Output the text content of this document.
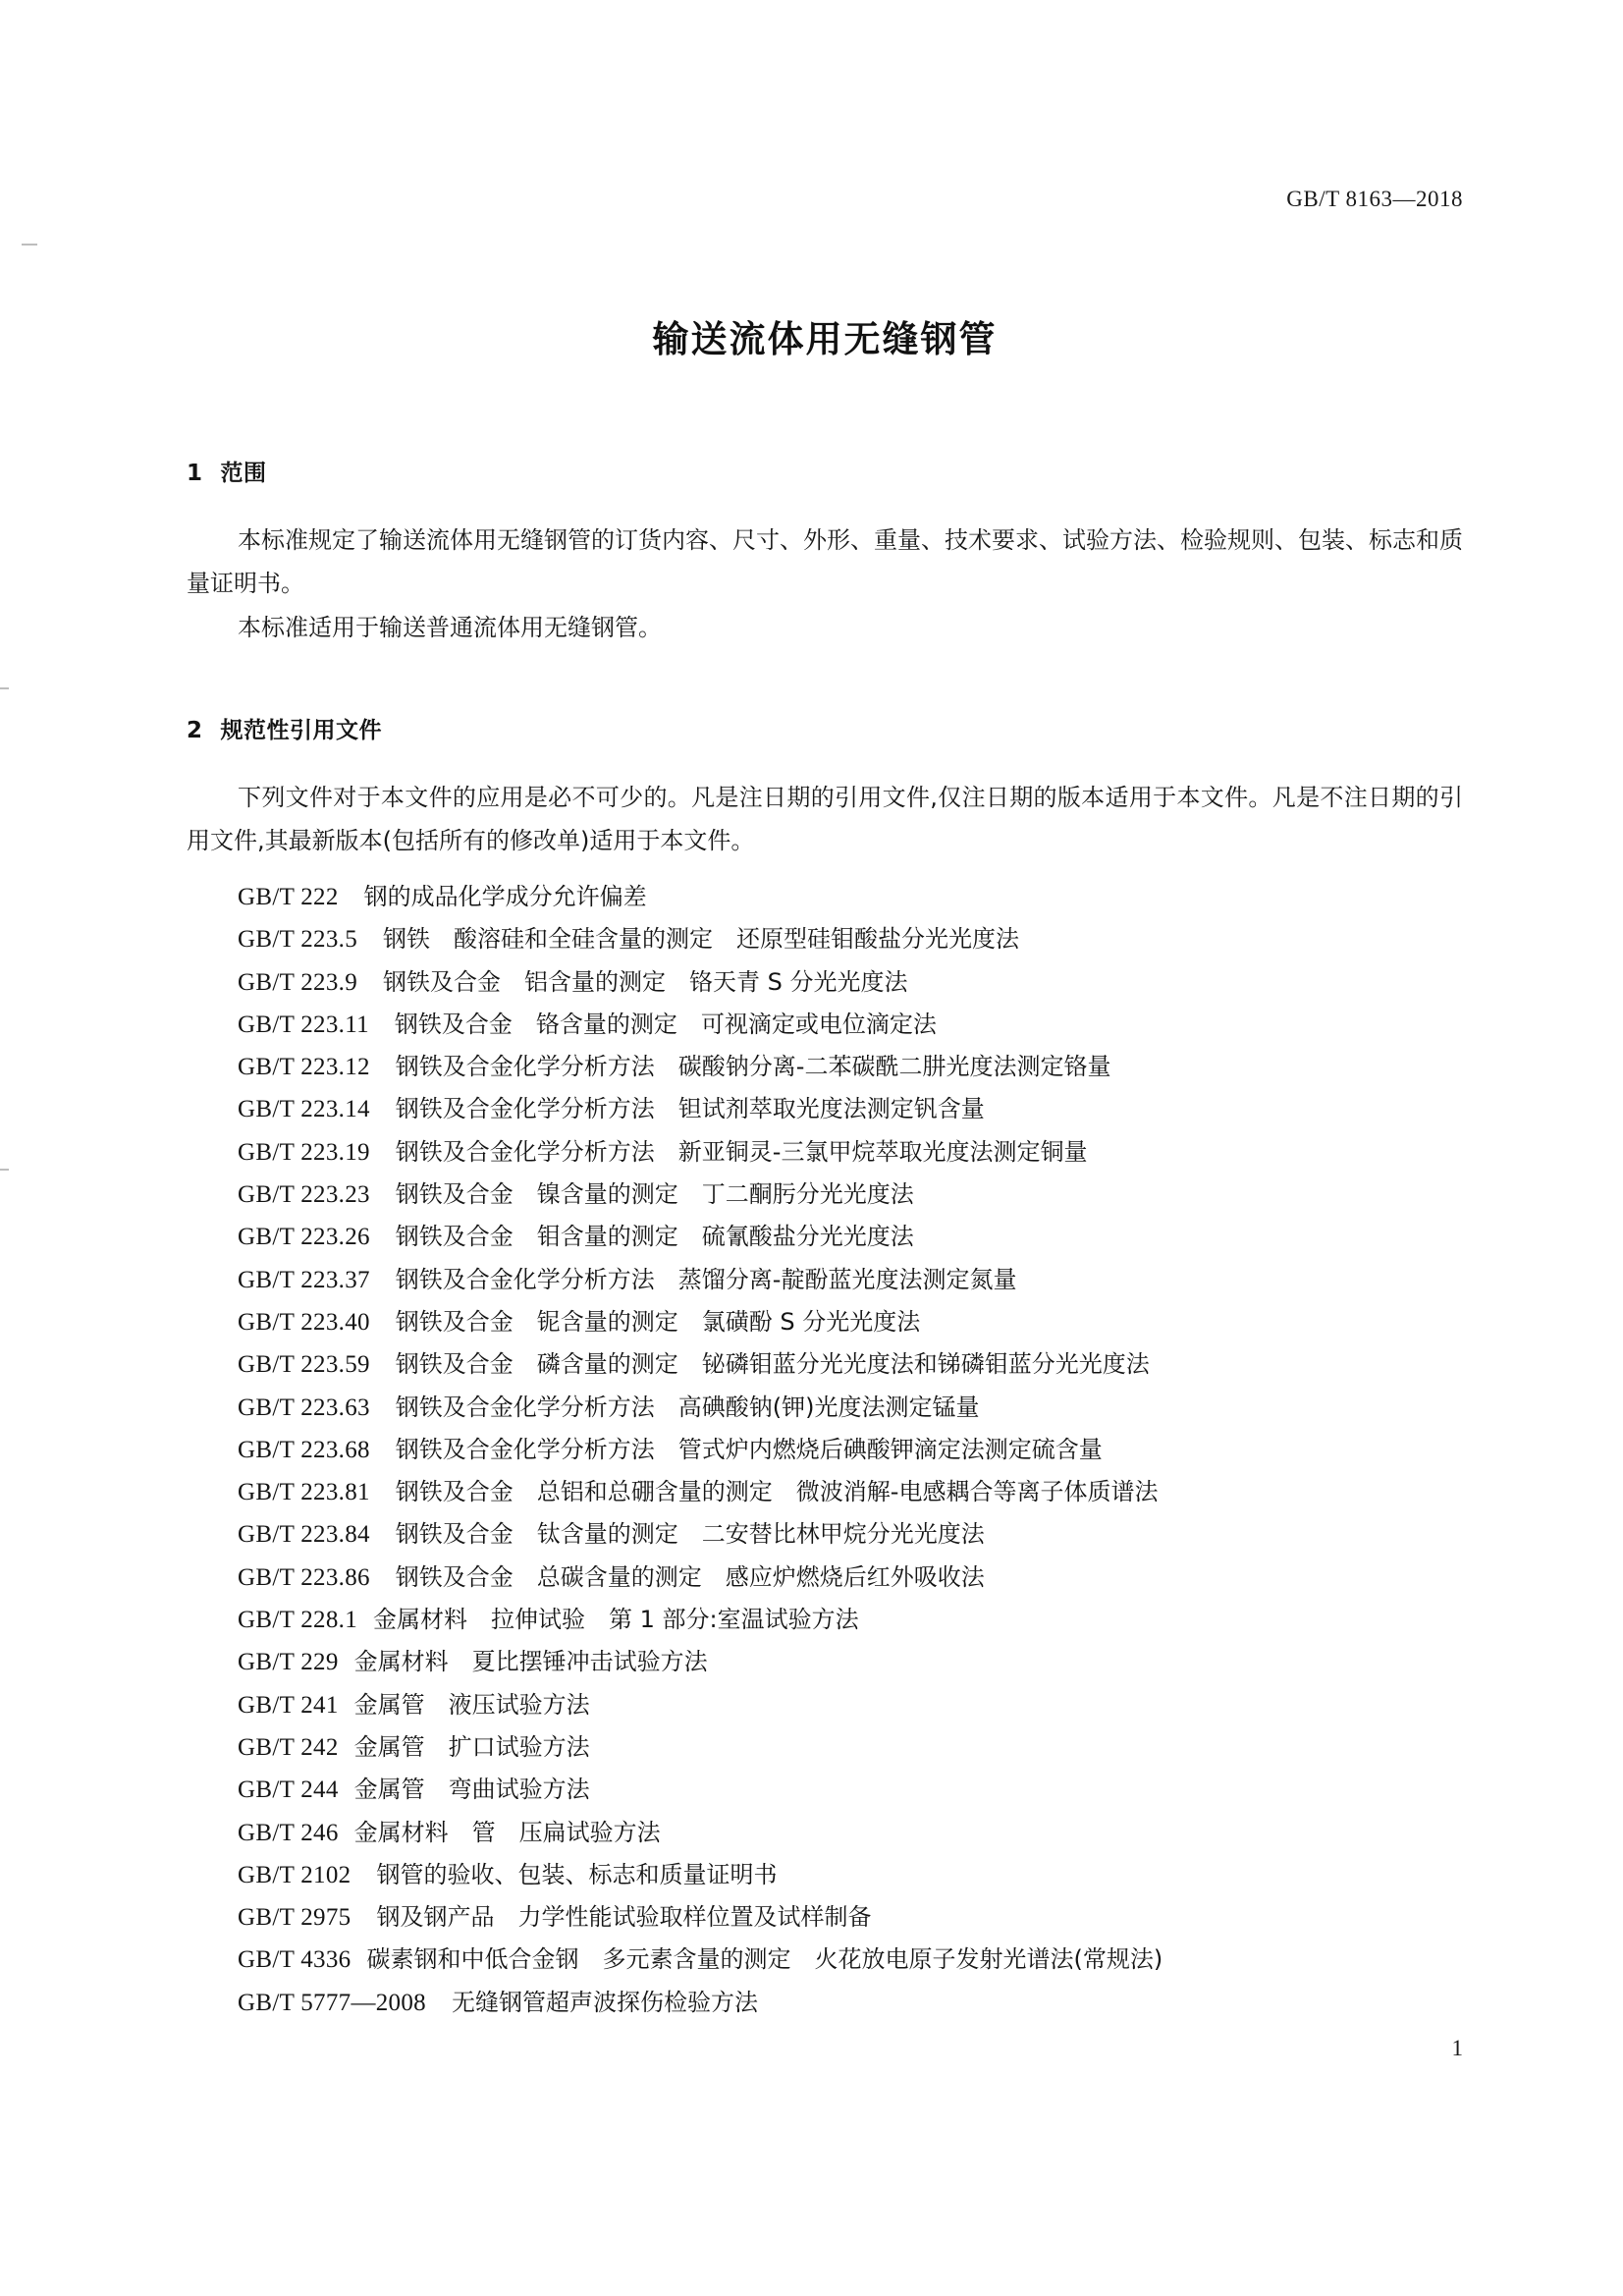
GB/T 8163—2018
输送流体用无缝钢管
1 范围
本标准规定了输送流体用无缝钢管的订货内容、尺寸、外形、重量、技术要求、试验方法、检验规则、包装、标志和质量证明书。
本标准适用于输送普通流体用无缝钢管。
2 规范性引用文件
下列文件对于本文件的应用是必不可少的。凡是注日期的引用文件,仅注日期的版本适用于本文件。凡是不注日期的引用文件,其最新版本(包括所有的修改单)适用于本文件。
GB/T 222 钢的成品化学成分允许偏差
GB/T 223.5 钢铁　酸溶硅和全硅含量的测定　还原型硅钼酸盐分光光度法
GB/T 223.9 钢铁及合金　铝含量的测定　铬天青 S 分光光度法
GB/T 223.11 钢铁及合金　铬含量的测定　可视滴定或电位滴定法
GB/T 223.12 钢铁及合金化学分析方法　碳酸钠分离-二苯碳酰二肼光度法测定铬量
GB/T 223.14 钢铁及合金化学分析方法　钽试剂萃取光度法测定钒含量
GB/T 223.19 钢铁及合金化学分析方法　新亚铜灵-三氯甲烷萃取光度法测定铜量
GB/T 223.23 钢铁及合金　镍含量的测定　丁二酮肟分光光度法
GB/T 223.26 钢铁及合金　钼含量的测定　硫氰酸盐分光光度法
GB/T 223.37 钢铁及合金化学分析方法　蒸馏分离-靛酚蓝光度法测定氮量
GB/T 223.40 钢铁及合金　铌含量的测定　氯磺酚 S 分光光度法
GB/T 223.59 钢铁及合金　磷含量的测定　铋磷钼蓝分光光度法和锑磷钼蓝分光光度法
GB/T 223.63 钢铁及合金化学分析方法　高碘酸钠(钾)光度法测定锰量
GB/T 223.68 钢铁及合金化学分析方法　管式炉内燃烧后碘酸钾滴定法测定硫含量
GB/T 223.81 钢铁及合金　总铝和总硼含量的测定　微波消解-电感耦合等离子体质谱法
GB/T 223.84 钢铁及合金　钛含量的测定　二安替比林甲烷分光光度法
GB/T 223.86 钢铁及合金　总碳含量的测定　感应炉燃烧后红外吸收法
GB/T 228.1 金属材料　拉伸试验　第 1 部分:室温试验方法
GB/T 229 金属材料　夏比摆锤冲击试验方法
GB/T 241 金属管　液压试验方法
GB/T 242 金属管　扩口试验方法
GB/T 244 金属管　弯曲试验方法
GB/T 246 金属材料　管　压扁试验方法
GB/T 2102 钢管的验收、包装、标志和质量证明书
GB/T 2975 钢及钢产品　力学性能试验取样位置及试样制备
GB/T 4336 碳素钢和中低合金钢　多元素含量的测定　火花放电原子发射光谱法(常规法)
GB/T 5777—2008 无缝钢管超声波探伤检验方法
1
